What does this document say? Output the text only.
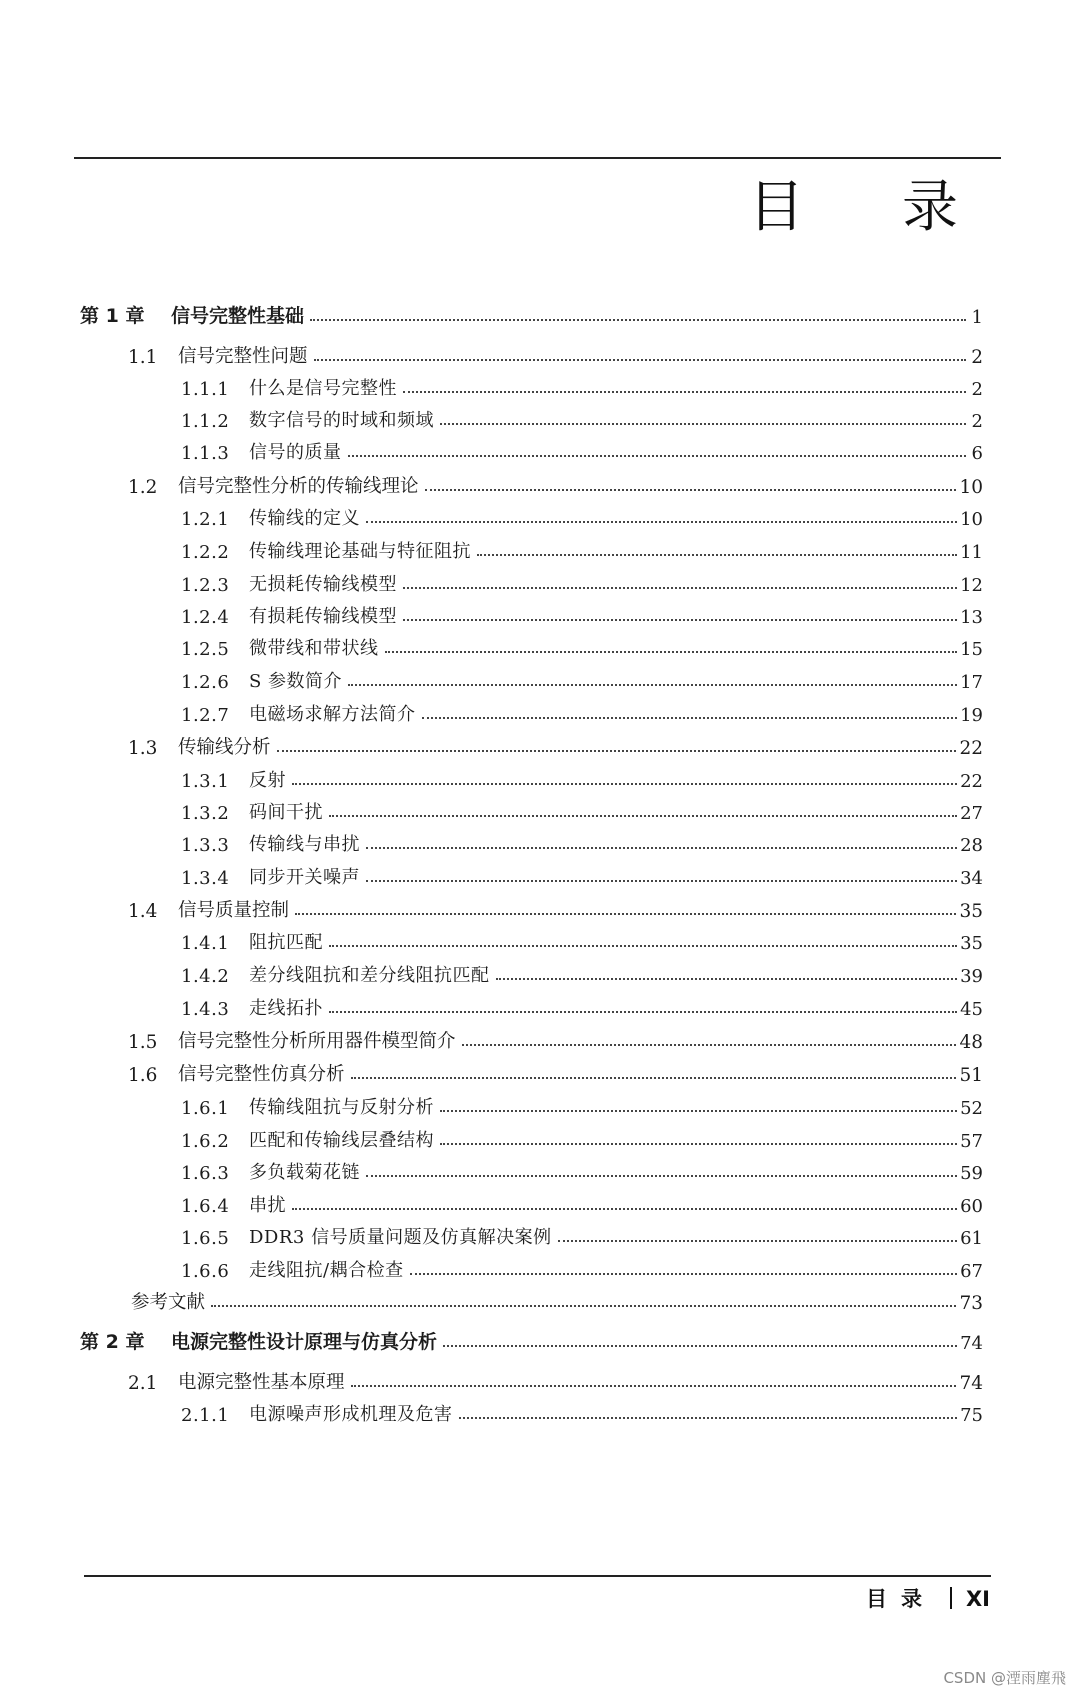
目 录
第 1 章	信号完整性基础	1
1.1	信号完整性问题	2
1.1.1	什么是信号完整性	2
1.1.2	数字信号的时域和频域	2
1.1.3	信号的质量	6
1.2	信号完整性分析的传输线理论	10
1.2.1	传输线的定义	10
1.2.2	传输线理论基础与特征阻抗	11
1.2.3	无损耗传输线模型	12
1.2.4	有损耗传输线模型	13
1.2.5	微带线和带状线	15
1.2.6	S 参数简介	17
1.2.7	电磁场求解方法简介	19
1.3	传输线分析	22
1.3.1	反射	22
1.3.2	码间干扰	27
1.3.3	传输线与串扰	28
1.3.4	同步开关噪声	34
1.4	信号质量控制	35
1.4.1	阻抗匹配	35
1.4.2	差分线阻抗和差分线阻抗匹配	39
1.4.3	走线拓扑	45
1.5	信号完整性分析所用器件模型简介	48
1.6	信号完整性仿真分析	51
1.6.1	传输线阻抗与反射分析	52
1.6.2	匹配和传输线层叠结构	57
1.6.3	多负载菊花链	59
1.6.4	串扰	60
1.6.5	DDR3 信号质量问题及仿真解决案例	61
1.6.6	走线阻抗/耦合检查	67
参考文献	73
第 2 章	电源完整性设计原理与仿真分析	74
2.1	电源完整性基本原理	74
2.1.1	电源噪声形成机理及危害	75
目录 XI
CSDN @湮雨塵飛
